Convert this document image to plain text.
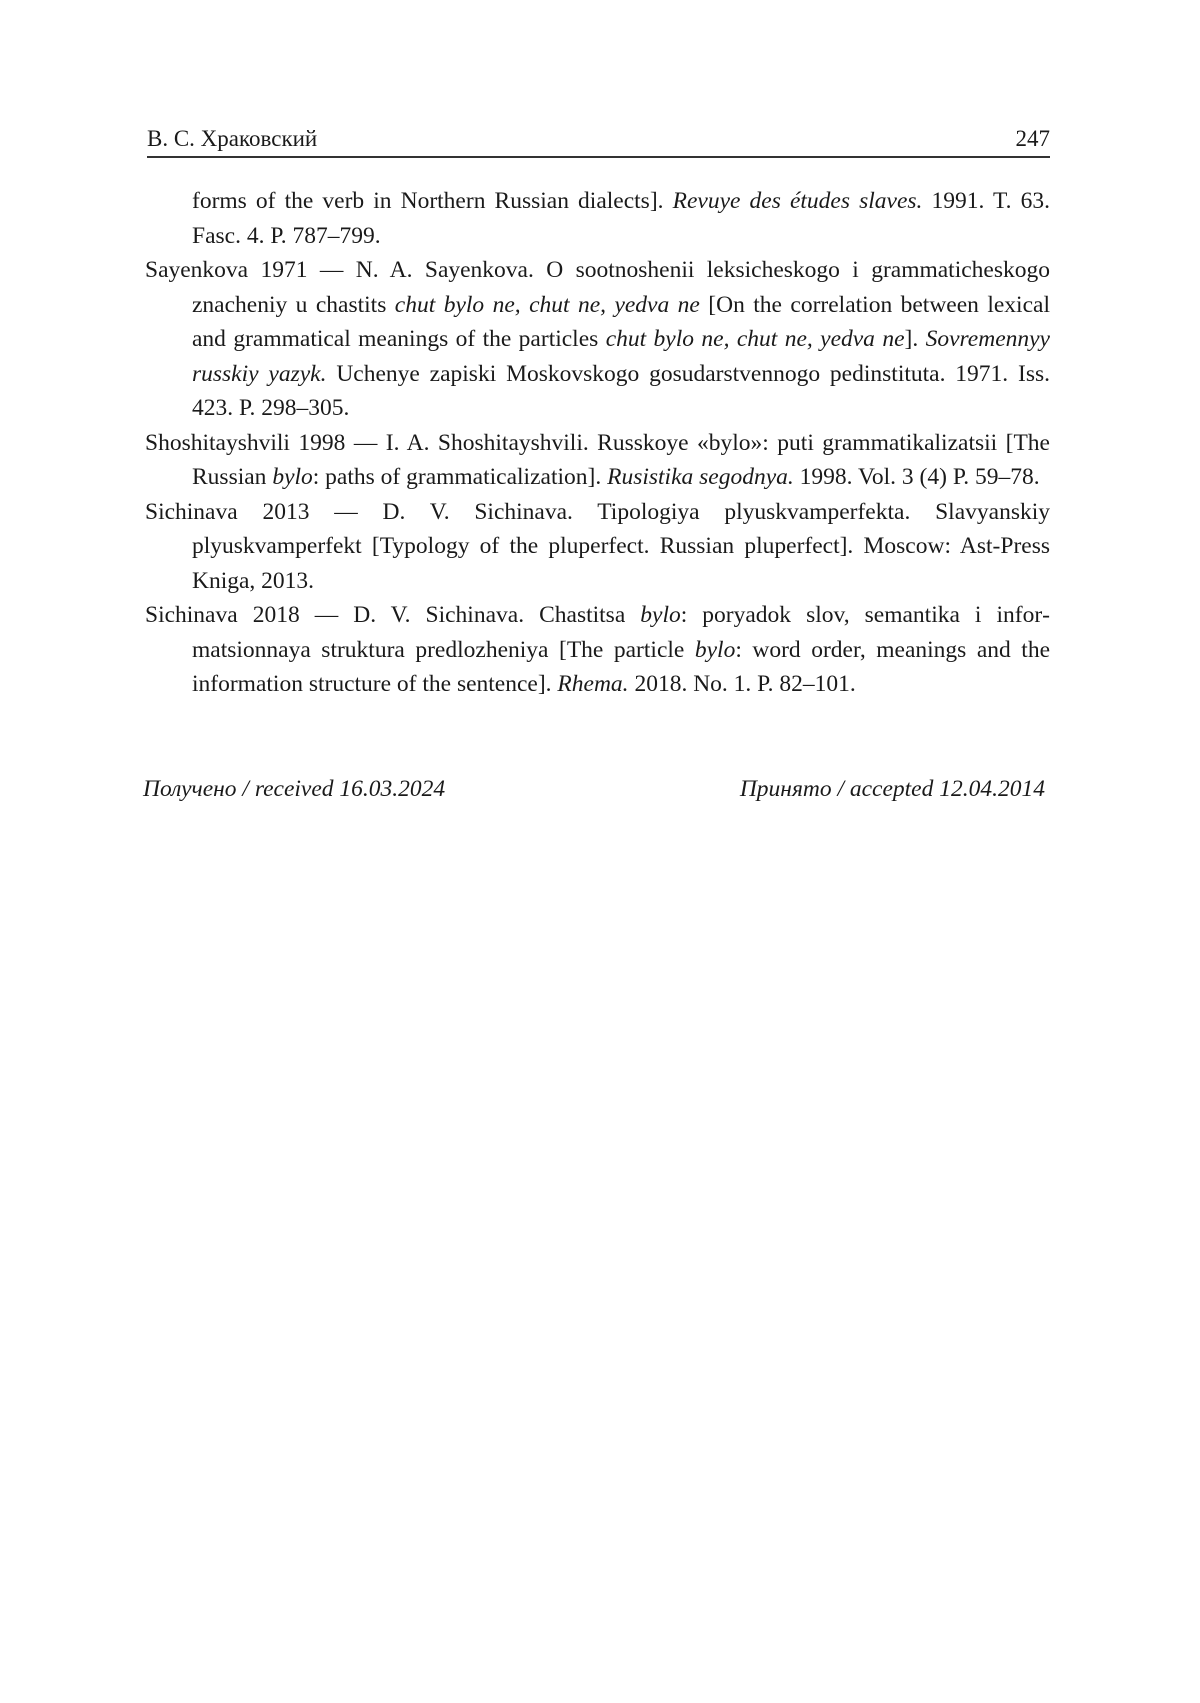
В. С. Храковский	247

forms of the verb in Northern Russian dialects]. Revuye des études slaves. 1991. T. 63. Fasc. 4. P. 787–799.

Sayenkova 1971 — N. A. Sayenkova. O sootnoshenii leksicheskogo i grammaticheskogo znacheniy u chastits chut bylo ne, chut ne, yedva ne [On the correlation between lexical and grammatical meanings of the particles chut bylo ne, chut ne, yedva ne]. Sovremennyy russkiy yazyk. Uchenye zapiski Moskovskogo gosudarstvennogo pedinstituta. 1971. Iss. 423. P. 298–305.

Shoshitayshvili 1998 — I. A. Shoshitayshvili. Russkoye «bylo»: puti grammatikalizatsii [The Russian bylo: paths of grammaticalization]. Rusistika segodnya. 1998. Vol. 3 (4) P. 59–78.

Sichinava 2013 — D. V. Sichinava. Tipologiya plyuskvamperfekta. Slavyanskiy plyuskvamperfekt [Typology of the pluperfect. Russian pluperfect]. Moscow: Ast-Press Kniga, 2013.

Sichinava 2018 — D. V. Sichinava. Chastitsa bylo: poryadok slov, semantika i informatsionnaya struktura predlozheniya [The particle bylo: word order, meanings and the information structure of the sentence]. Rhema. 2018. No. 1. P. 82–101.

Получено / received 16.03.2024	Принято / accepted 12.04.2014
